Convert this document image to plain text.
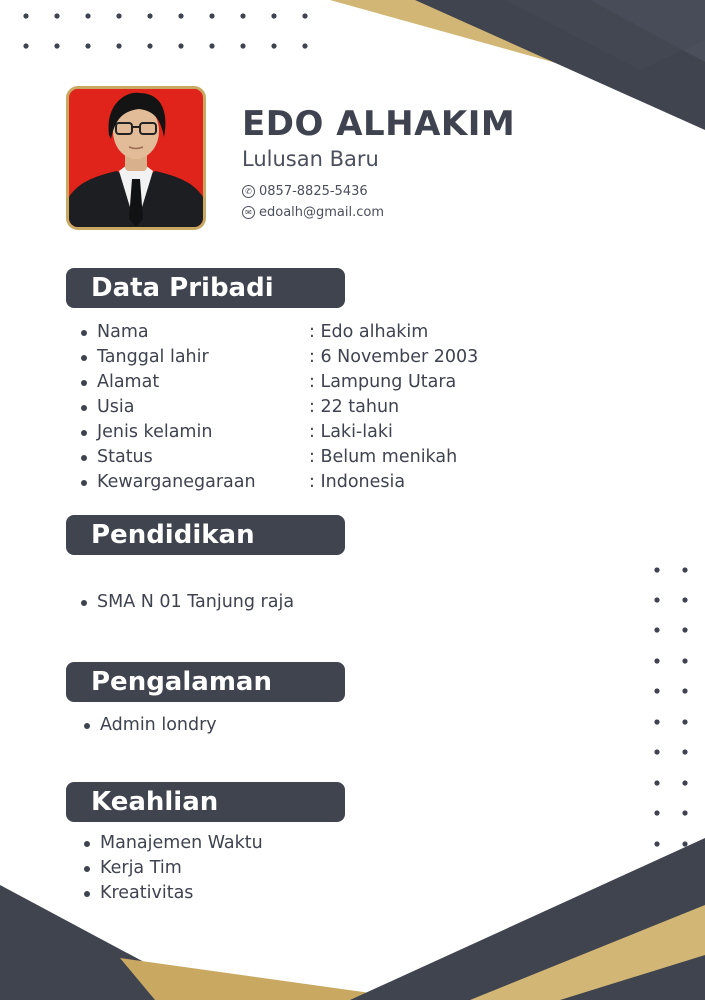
EDO ALHAKIM
Lulusan Baru
✆ 0857-8825-5436
✉ edoalh@gmail.com
Data Pribadi
Nama	: Edo alhakim
Tanggal lahir	: 6 November 2003
Alamat	: Lampung Utara
Usia	: 22 tahun
Jenis kelamin	: Laki-laki
Status	: Belum menikah
Kewarganegaraan	: Indonesia
Pendidikan
SMA N 01 Tanjung raja
Pengalaman
Admin londry
Keahlian
Manajemen Waktu
Kerja Tim
Kreativitas
